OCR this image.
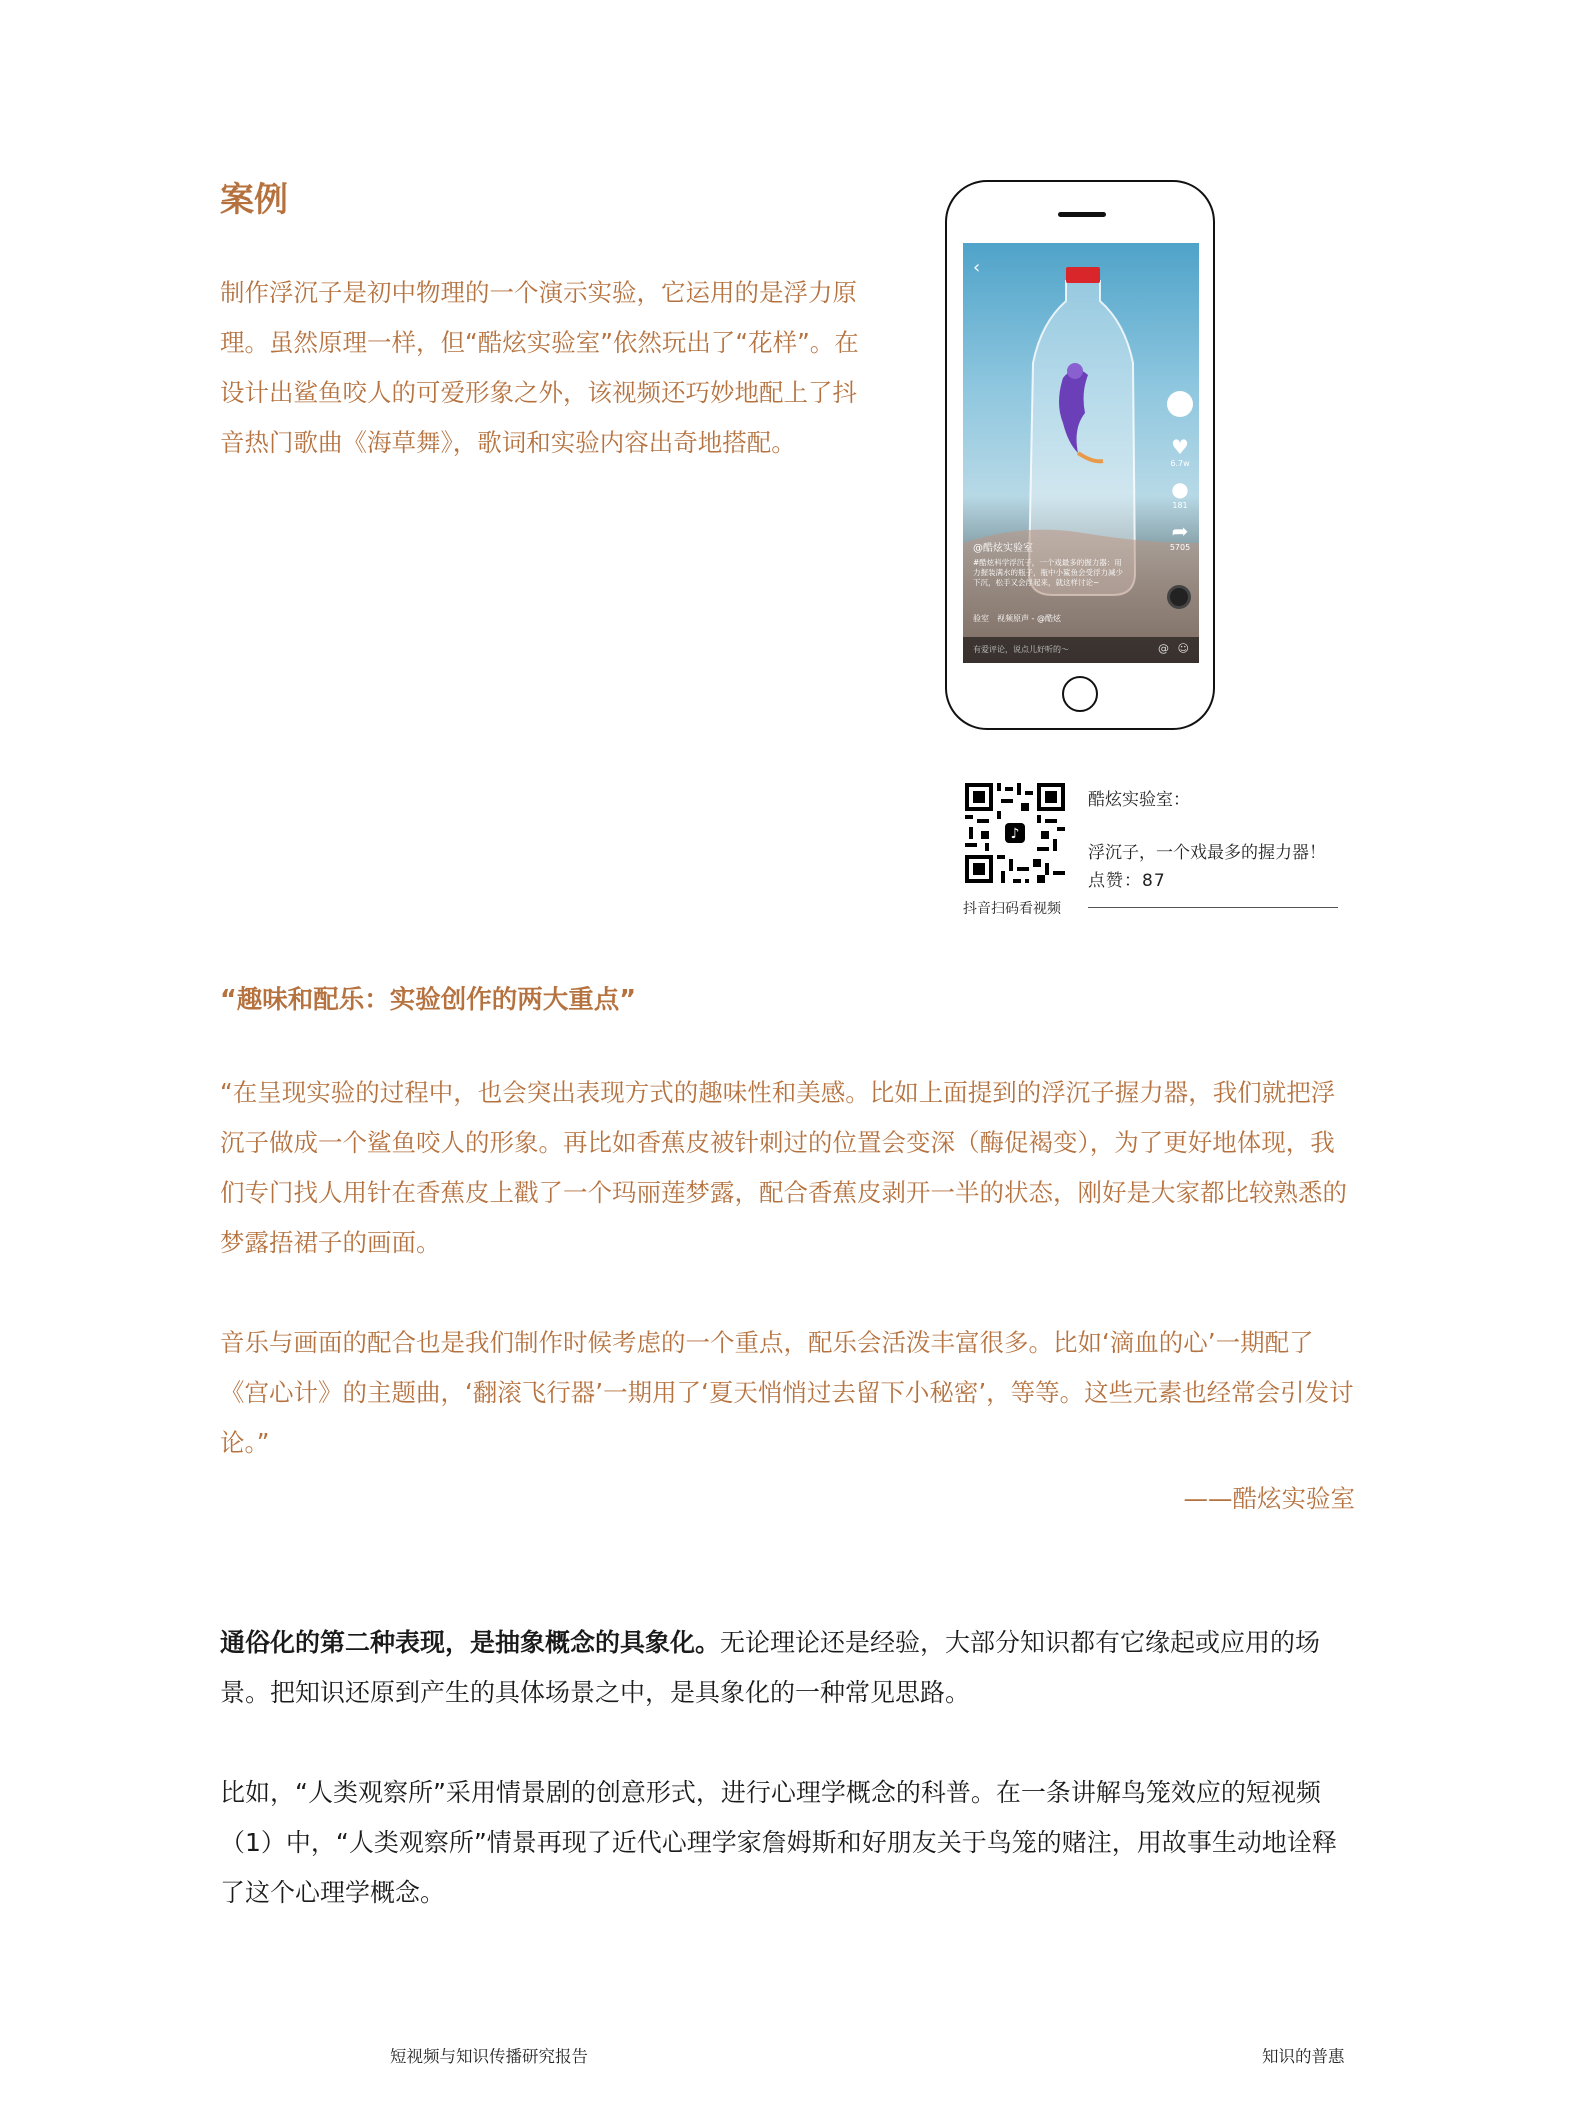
案例
制作浮沉子是初中物理的一个演示实验，它运用的是浮力原理。虽然原理一样，但“酷炫实验室”依然玩出了“花样”。在设计出鲨鱼咬人的可爱形象之外，该视频还巧妙地配上了抖音热门歌曲《海草舞》，歌词和实验内容出奇地搭配。
‹
♥
6.7w
●
181
➦
5705
@酷炫实验室
#酷炫科学浮沉子，一个戏最多的握力器：用力握装满水的瓶子，瓶中小鲨鱼会受浮力减少下沉，松手又会浮起来，就这样讨论~
验室　视频原声 - @酷炫
有爱评论，说点儿好听的～	@ ☺
♪
抖音扫码看视频
酷炫实验室：
浮沉子，一个戏最多的握力器！
点赞：87
“趣味和配乐：实验创作的两大重点”
“在呈现实验的过程中，也会突出表现方式的趣味性和美感。比如上面提到的浮沉子握力器，我们就把浮沉子做成一个鲨鱼咬人的形象。再比如香蕉皮被针刺过的位置会变深（酶促褐变），为了更好地体现，我们专门找人用针在香蕉皮上戳了一个玛丽莲梦露，配合香蕉皮剥开一半的状态，刚好是大家都比较熟悉的梦露捂裙子的画面。
音乐与画面的配合也是我们制作时候考虑的一个重点，配乐会活泼丰富很多。比如‘滴血的心’一期配了《宫心计》的主题曲，‘翻滚飞行器’一期用了‘夏天悄悄过去留下小秘密’，等等。这些元素也经常会引发讨论。”
——酷炫实验室
通俗化的第二种表现，是抽象概念的具象化。无论理论还是经验，大部分知识都有它缘起或应用的场景。把知识还原到产生的具体场景之中，是具象化的一种常见思路。
比如，“人类观察所”采用情景剧的创意形式，进行心理学概念的科普。在一条讲解鸟笼效应的短视频（1）中，“人类观察所”情景再现了近代心理学家詹姆斯和好朋友关于鸟笼的赌注，用故事生动地诠释了这个心理学概念。
短视频与知识传播研究报告	知识的普惠
